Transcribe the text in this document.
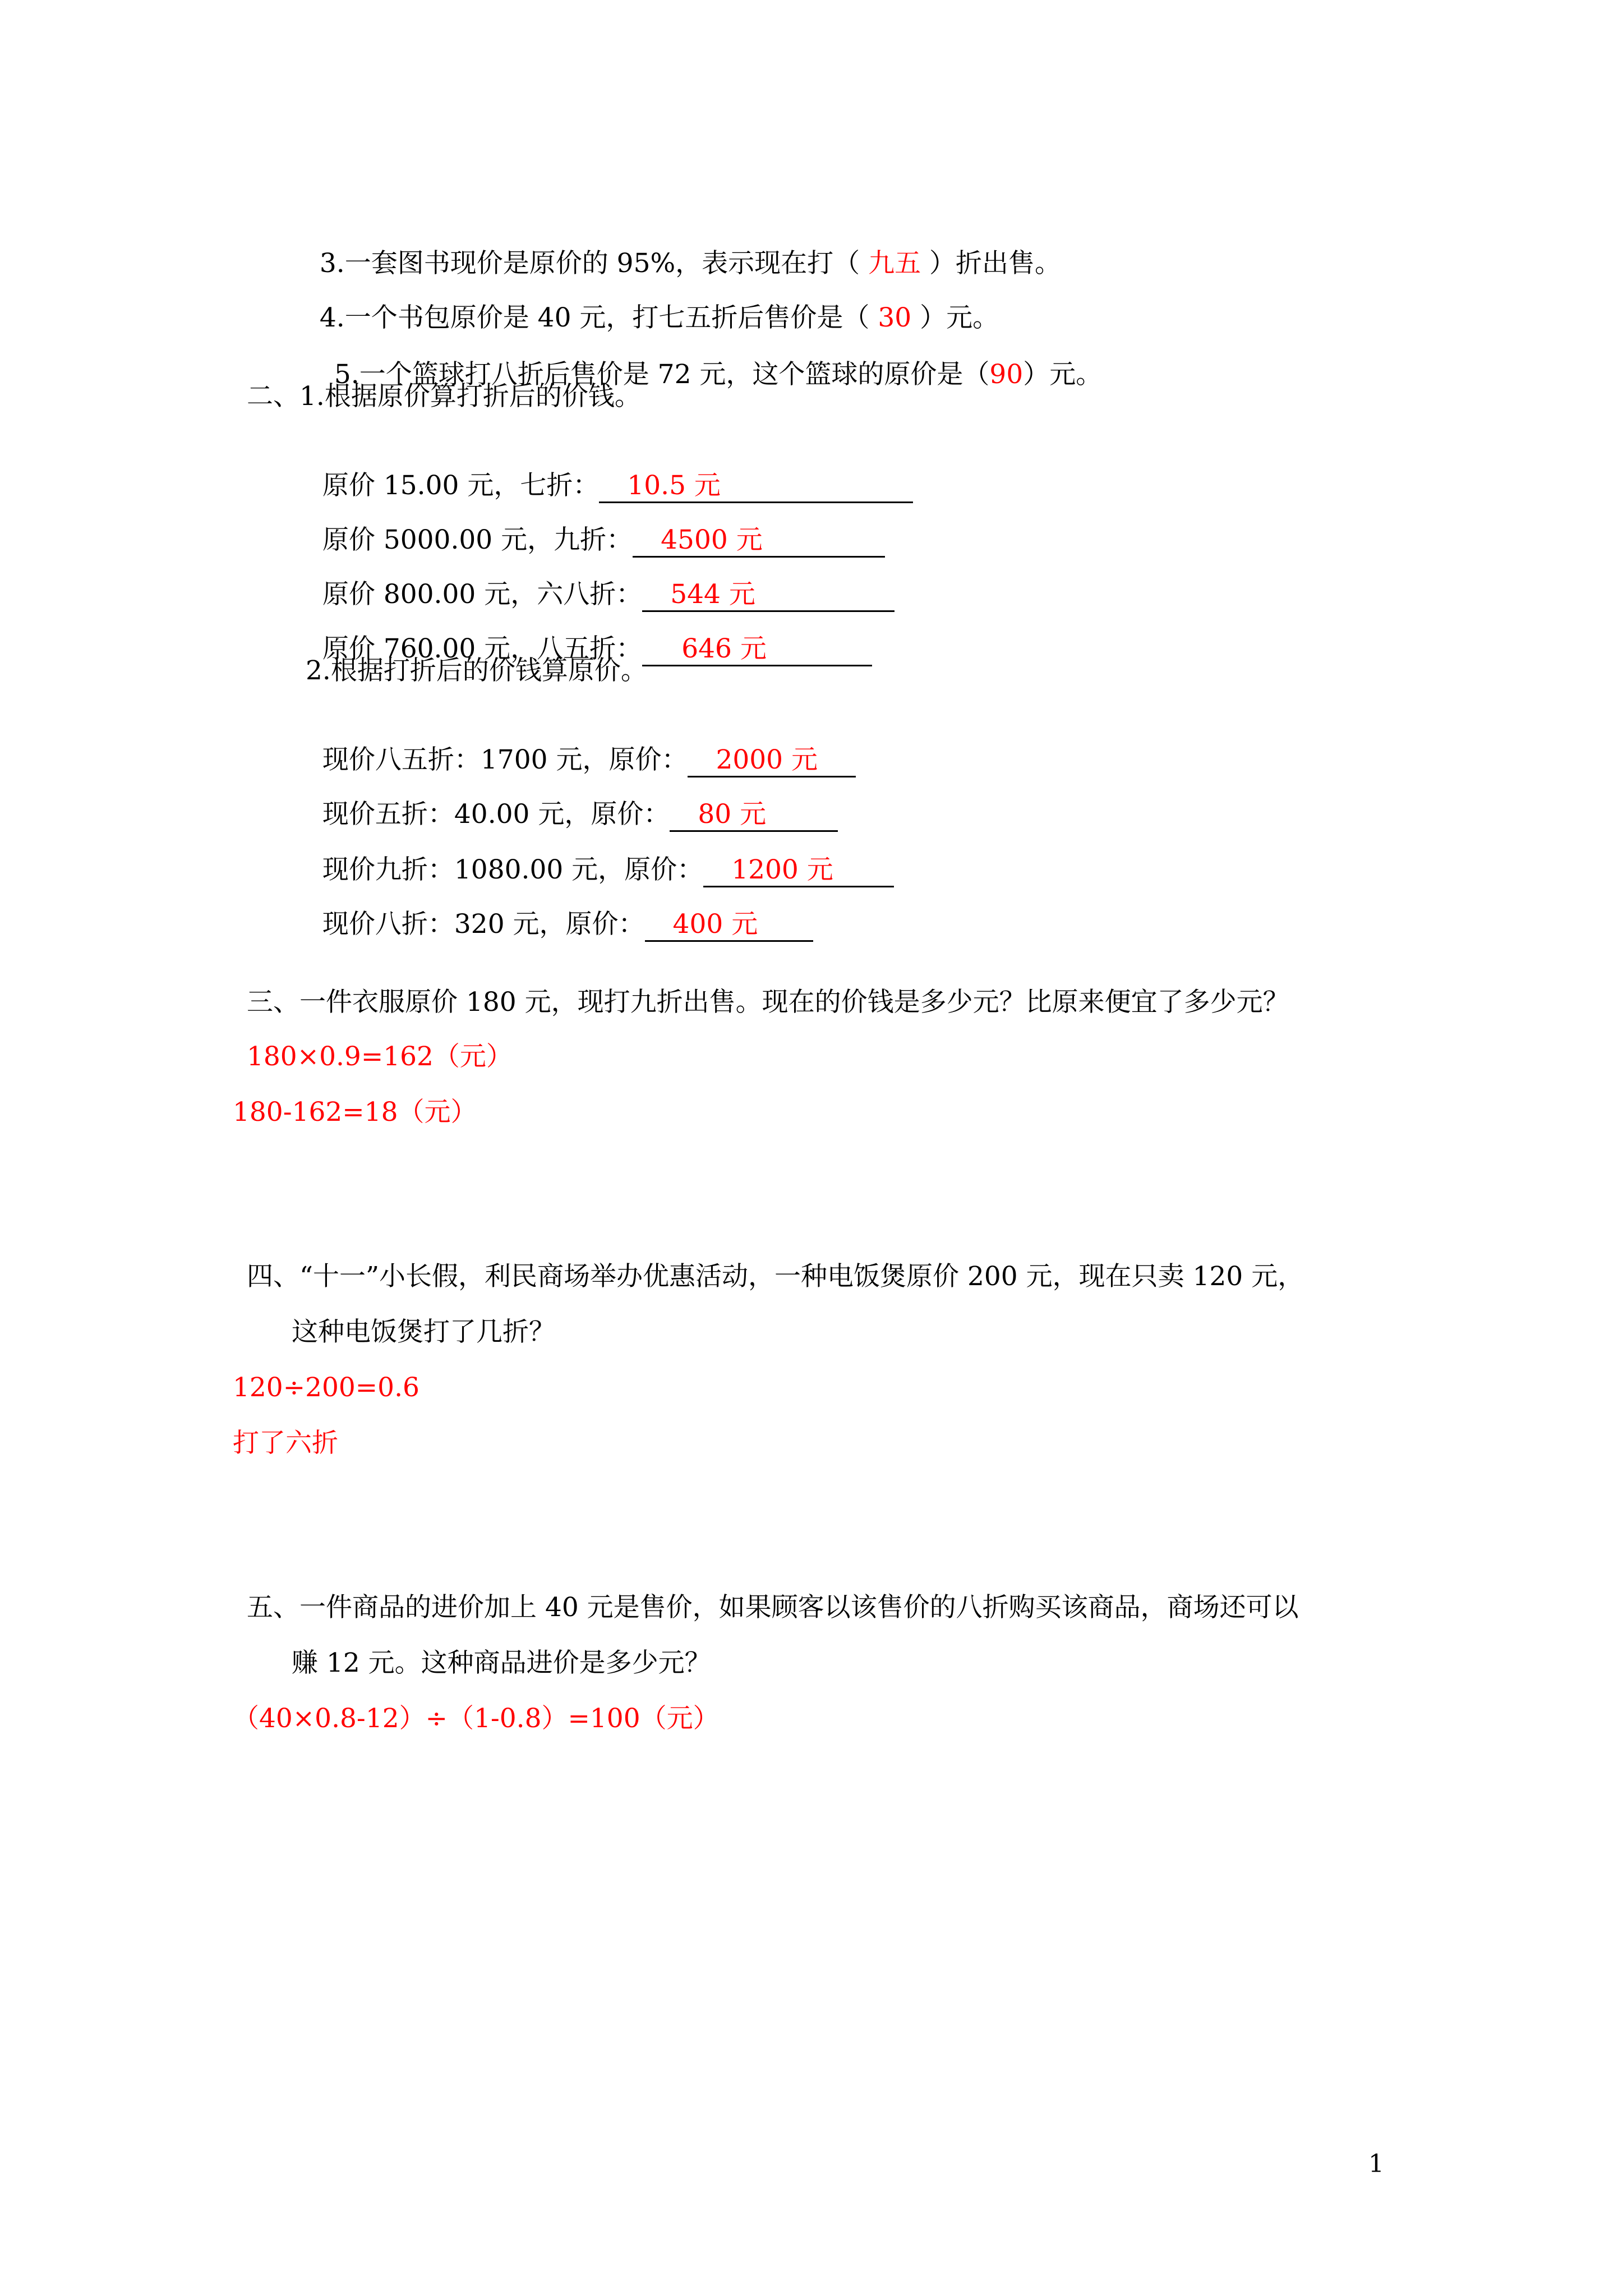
3.一套图书现价是原价的 95%，表示现在打（ 九五 ）折出售。

4.一个书包原价是 40 元，打七五折后售价是（ 30 ）元。

5.一个篮球打八折后售价是 72 元，这个篮球的原价是（90）元。

二、1.根据原价算打折后的价钱。

原价 15.00 元，七折： 10.5 元

原价 5000.00 元，九折： 4500 元

原价 800.00 元，六八折： 544 元

原价 760.00 元，八五折： 646 元

2.根据打折后的价钱算原价。

现价八五折：1700 元，原价： 2000 元

现价五折：40.00 元，原价： 80 元

现价九折：1080.00 元，原价： 1200 元

现价八折：320 元，原价： 400 元

三、一件衣服原价 180 元，现打九折出售。现在的价钱是多少元？比原来便宜了多少元？
180×0.9=162（元）
180-162=18（元）
四、“十一”小长假，利民商场举办优惠活动，一种电饭煲原价 200 元，现在只卖 120 元，
这种电饭煲打了几折？
120÷200=0.6
打了六折
五、一件商品的进价加上 40 元是售价，如果顾客以该售价的八折购买该商品，商场还可以
赚 12 元。这种商品进价是多少元？
（40×0.8-12）÷（1-0.8）=100（元）
1
